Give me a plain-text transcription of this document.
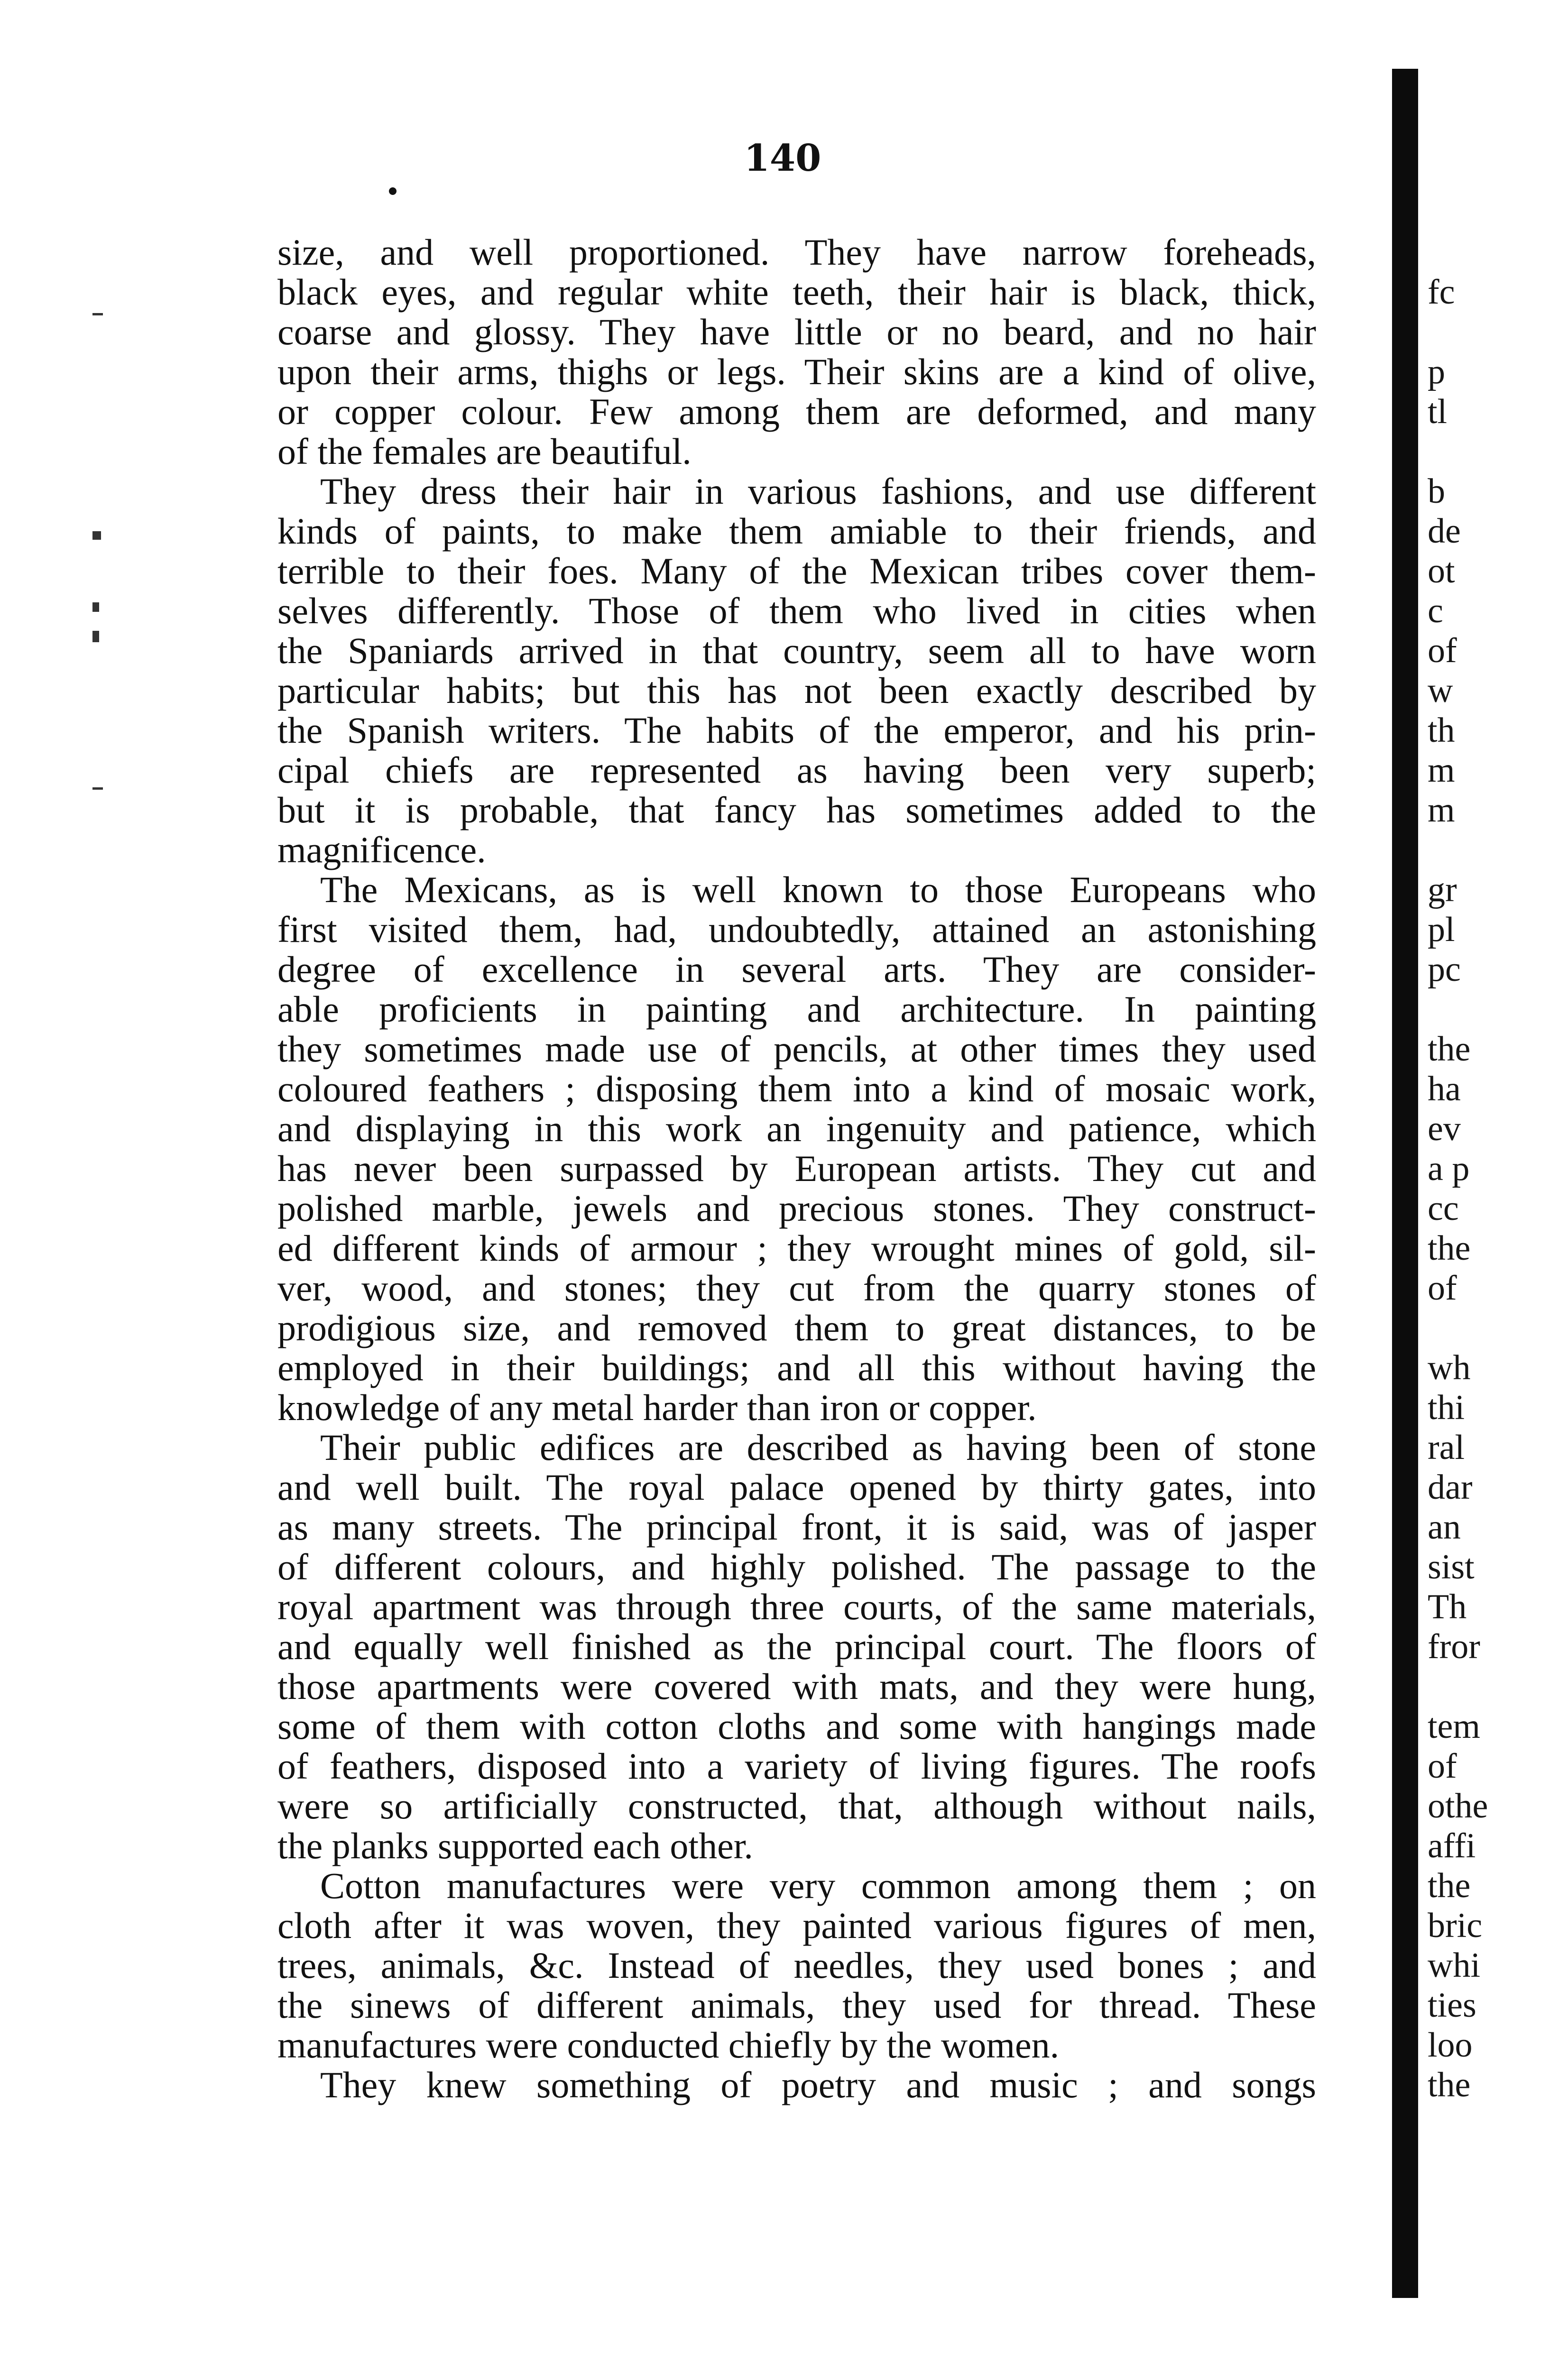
140
size, and well proportioned. They have narrow foreheads,
black eyes, and regular white teeth, their hair is black, thick,
coarse and glossy. They have little or no beard, and no hair
upon their arms, thighs or legs. Their skins are a kind of olive,
or copper colour. Few among them are deformed, and many
of the females are beautiful.
They dress their hair in various fashions, and use different
kinds of paints, to make them amiable to their friends, and
terrible to their foes. Many of the Mexican tribes cover them-
selves differently. Those of them who lived in cities when
the Spaniards arrived in that country, seem all to have worn
particular habits; but this has not been exactly described by
the Spanish writers. The habits of the emperor, and his prin-
cipal chiefs are represented as having been very superb;
but it is probable, that fancy has sometimes added to the
magnificence.
The Mexicans, as is well known to those Europeans who
first visited them, had, undoubtedly, attained an astonishing
degree of excellence in several arts. They are consider-
able proficients in painting and architecture. In painting
they sometimes made use of pencils, at other times they used
coloured feathers ; disposing them into a kind of mosaic work,
and displaying in this work an ingenuity and patience, which
has never been surpassed by European artists. They cut and
polished marble, jewels and precious stones. They construct-
ed different kinds of armour ; they wrought mines of gold, sil-
ver, wood, and stones; they cut from the quarry stones of
prodigious size, and removed them to great distances, to be
employed in their buildings; and all this without having the
knowledge of any metal harder than iron or copper.
Their public edifices are described as having been of stone
and well built. The royal palace opened by thirty gates, into
as many streets. The principal front, it is said, was of jasper
of different colours, and highly polished. The passage to the
royal apartment was through three courts, of the same materials,
and equally well finished as the principal court. The floors of
those apartments were covered with mats, and they were hung,
some of them with cotton cloths and some with hangings made
of feathers, disposed into a variety of living figures. The roofs
were so artificially constructed, that, although without nails,
the planks supported each other.
Cotton manufactures were very common among them ; on
cloth after it was woven, they painted various figures of men,
trees, animals, &c. Instead of needles, they used bones ; and
the sinews of different animals, they used for thread. These
manufactures were conducted chiefly by the women.
They knew something of poetry and music ; and songs
fc
p
tl
b
de
ot
c
of
w
th
m
m
gr
pl
pc
the
ha
ev
a p
cc
the
of
wh
thi
ral
dar
an
sist
Th
fror
tem
of
othe
affi
the
bric
whi
ties
loo
the
